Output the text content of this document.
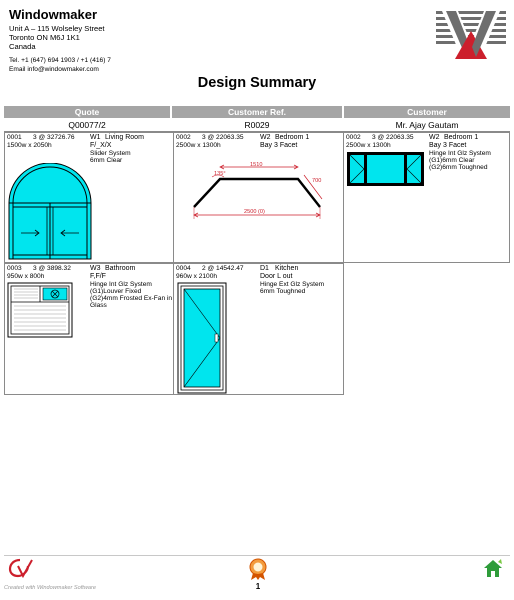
Windowmaker
Unit A – 115 Wolseley Street
Toronto ON M6J 1K1
Canada
Tel. +1 (647) 694 1903 / +1 (416) 7
Email info@windowmaker.com
Design Summary
Quote	Customer Ref.	Customer
Q00077/2	R0029	Mr. Ajay Gautam
0001 3 @ 32726.76
1500w x 2050h
W1 Living Room
F/_X/X
Slider System
6mm Clear
0002 3 @ 22063.35
2500w x 1300h
W2 Bedroom 1
Bay 3 Facet
1510
135°
700
2500 (0)
0002 3 @ 22063.35
2500w x 1300h
W2 Bedroom 1
Bay 3 Facet
Hinge Int Glz System
(G1)6mm Clear
(G2)6mm Toughned
0003 3 @ 3898.32
950w x 800h
W3 Bathroom
F,F/F
Hinge Int Glz System
(G1)Louver Fixed
(G2)4mm Frosted Ex-Fan in
Glass
0004 2 @ 14542.47
960w x 2100h
D1 Kitchen
Door L out
Hinge Ext Glz System
6mm Toughned
Created with Windowmaker Software	1
